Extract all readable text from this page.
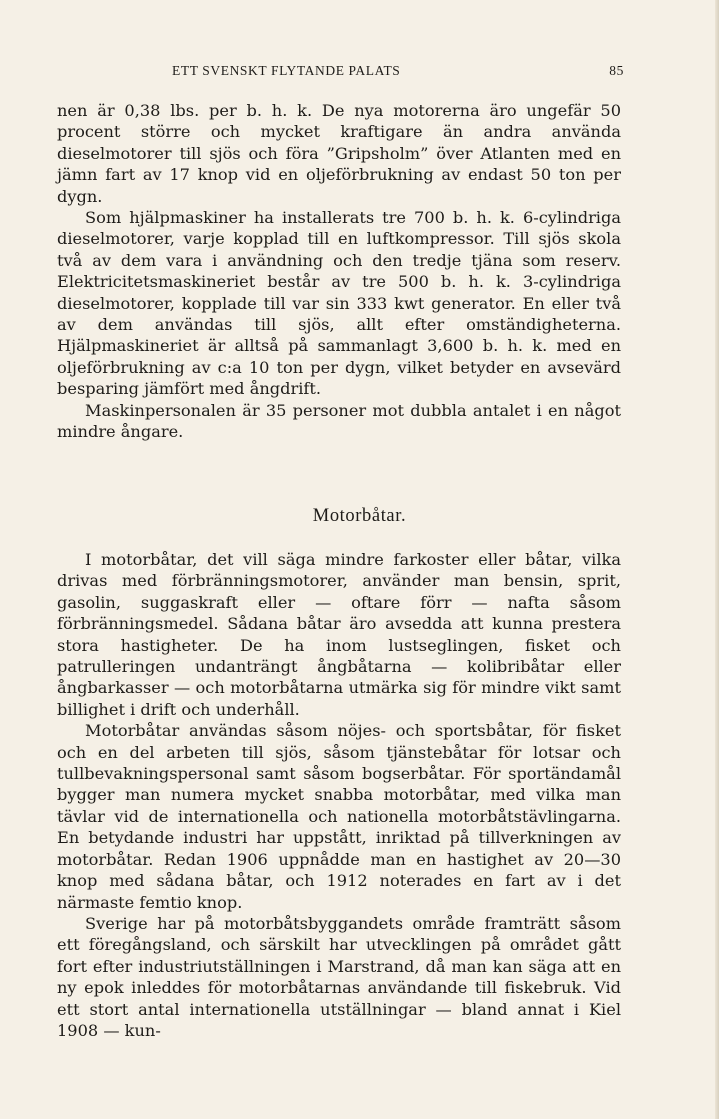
ETT SVENSKT FLYTANDE PALATS	85

nen är 0,38 lbs. per b. h. k. De nya motorerna äro ungefär 50 procent större och mycket kraftigare än andra använda dieselmotorer till sjös och föra ”Gripsholm” över Atlanten med en jämn fart av 17 knop vid en oljeförbrukning av endast 50 ton per dygn.

Som hjälpmaskiner ha installerats tre 700 b. h. k. 6-cylindriga dieselmotorer, varje kopplad till en luftkompressor. Till sjös skola två av dem vara i användning och den tredje tjäna som reserv. Elektricitetsmaskineriet består av tre 500 b. h. k. 3-cylindriga dieselmotorer, kopplade till var sin 333 kwt generator. En eller två av dem användas till sjös, allt efter omständigheterna. Hjälpmaskineriet är alltså på sammanlagt 3,600 b. h. k. med en oljeförbrukning av c:a 10 ton per dygn, vilket betyder en avsevärd besparing jämfört med ångdrift.

Maskinpersonalen är 35 personer mot dubbla antalet i en något mindre ångare.

Motorbåtar.

I motorbåtar, det vill säga mindre farkoster eller båtar, vilka drivas med förbränningsmotorer, använder man bensin, sprit, gasolin, suggaskraft eller — oftare förr — nafta såsom förbränningsmedel. Sådana båtar äro avsedda att kunna prestera stora hastigheter. De ha inom lustseglingen, fisket och patrulleringen undanträngt ångbåtarna — kolibribåtar eller ångbarkasser — och motorbåtarna utmärka sig för mindre vikt samt billighet i drift och underhåll.

Motorbåtar användas såsom nöjes- och sportsbåtar, för fisket och en del arbeten till sjös, såsom tjänstebåtar för lotsar och tullbevakningspersonal samt såsom bogserbåtar. För sportändamål bygger man numera mycket snabba motorbåtar, med vilka man tävlar vid de internationella och nationella motorbåtstävlingarna. En betydande industri har uppstått, inriktad på tillverkningen av motorbåtar. Redan 1906 uppnådde man en hastighet av 20—30 knop med sådana båtar, och 1912 noterades en fart av i det närmaste femtio knop.

Sverige har på motorbåtsbyggandets område framträtt såsom ett föregångsland, och särskilt har utvecklingen på området gått fort efter industriutställningen i Marstrand, då man kan säga att en ny epok inleddes för motorbåtarnas användande till fiskebruk. Vid ett stort antal internationella utställningar — bland annat i Kiel 1908 — kun-
